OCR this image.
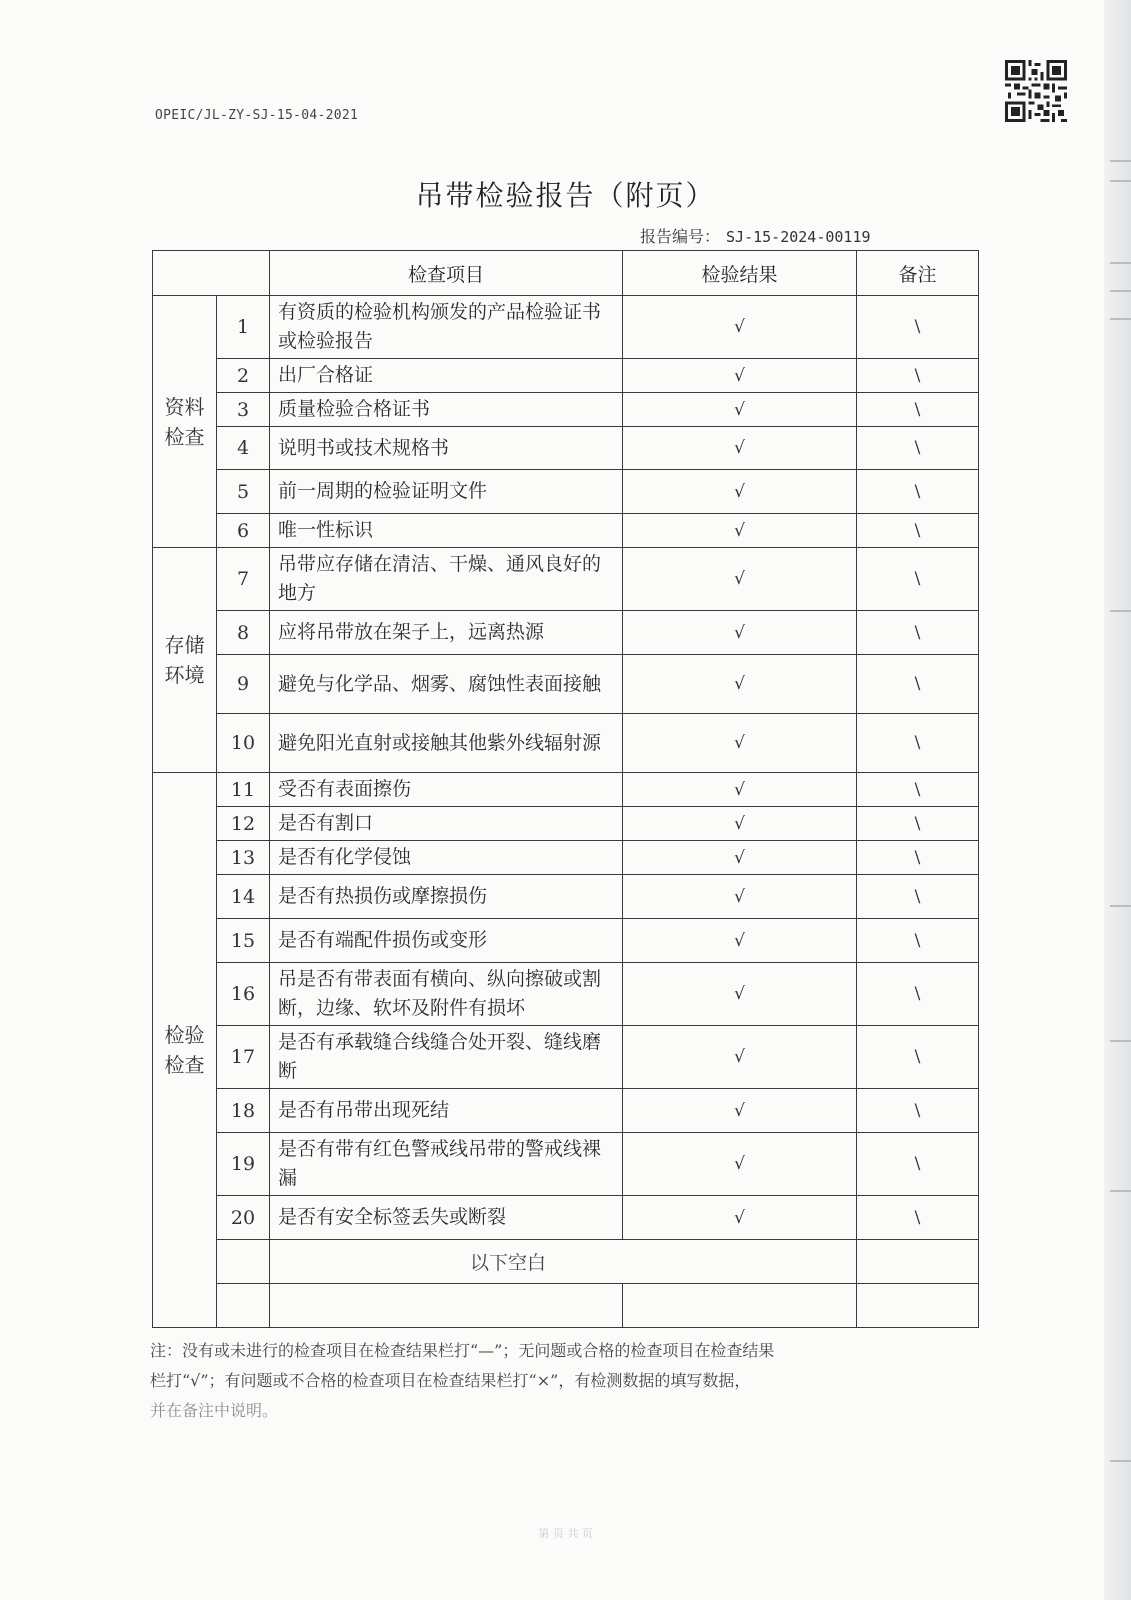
OPEIC/JL-ZY-SJ-15-04-2021
吊带检验报告（附页）
报告编号： SJ-15-2024-00119
		检查项目	检验结果	备注

资料检查	1	有资质的检验机构颁发的产品检验证书或检验报告	√	\
	2	出厂合格证	√	\
	3	质量检验合格证书	√	\
	4	说明书或技术规格书	√	\
	5	前一周期的检验证明文件	√	\
	6	唯一性标识	√	\

存储环境	7	吊带应存储在清洁、干燥、通风良好的地方	√	\
	8	应将吊带放在架子上，远离热源	√	\
	9	避免与化学品、烟雾、腐蚀性表面接触	√	\
	10	避免阳光直射或接触其他紫外线辐射源	√	\

检验检查	11	受否有表面擦伤	√	\
	12	是否有割口	√	\
	13	是否有化学侵蚀	√	\
	14	是否有热损伤或摩擦损伤	√	\
	15	是否有端配件损伤或变形	√	\
	16	吊是否有带表面有横向、纵向擦破或割断，边缘、软坏及附件有损坏	√	\
	17	是否有承载缝合线缝合处开裂、缝线磨断	√	\
	18	是否有吊带出现死结	√	\
	19	是否有带有红色警戒线吊带的警戒线裸漏	√	\
	20	是否有安全标签丢失或断裂	√	\
		以下空白		

注：没有或未进行的检查项目在检查结果栏打“—”；无问题或合格的检查项目在检查结果
栏打“√”；有问题或不合格的检查项目在检查结果栏打“×”，有检测数据的填写数据，
并在备注中说明。
第 页 共 页
